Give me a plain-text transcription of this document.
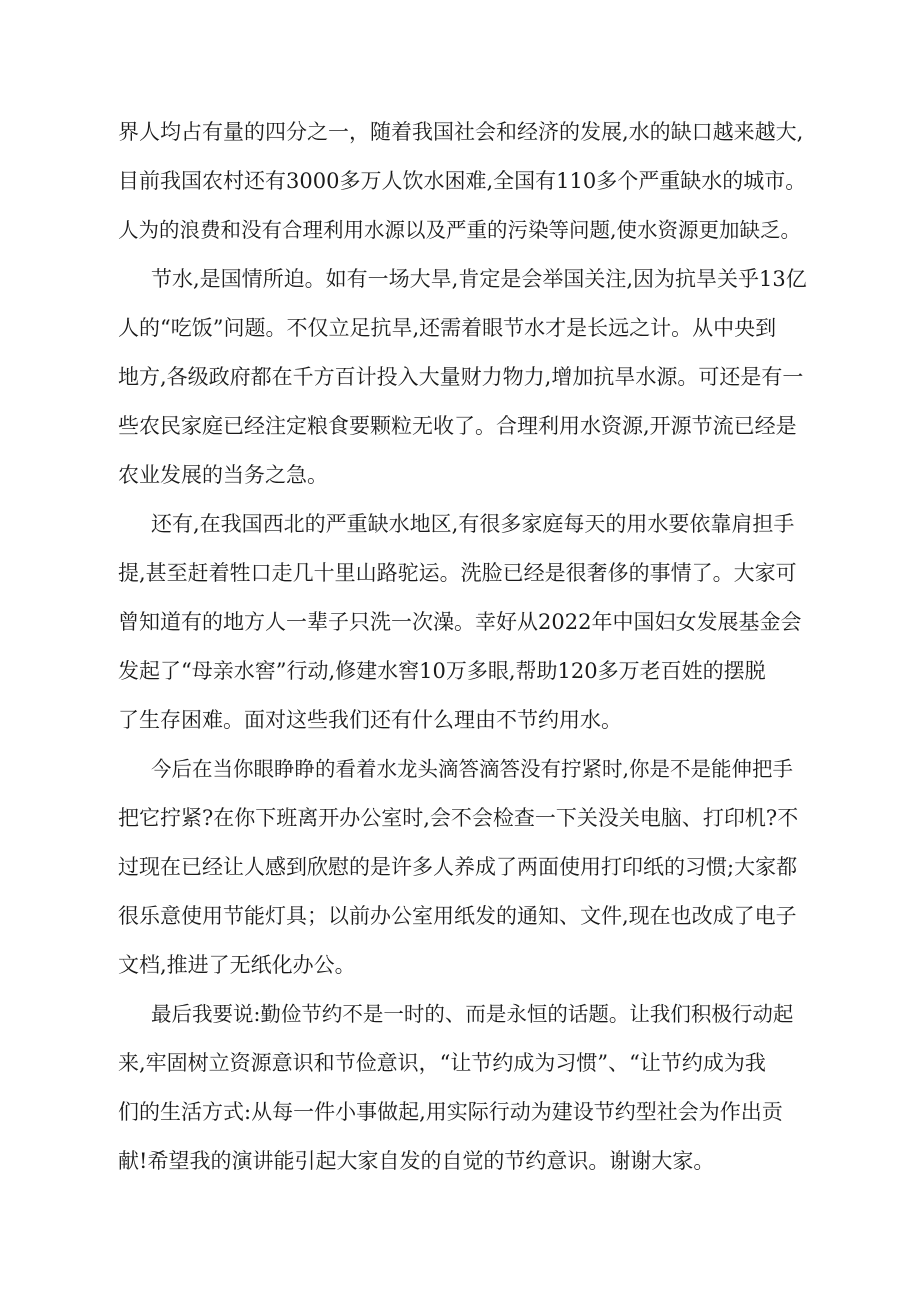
界人均占有量的四分之一，随着我国社会和经济的发展,水的缺口越来越大,
目前我国农村还有3000多万人饮水困难,全国有110多个严重缺水的城市。
人为的浪费和没有合理利用水源以及严重的污染等问题,使水资源更加缺乏。
节水,是国情所迫。如有一场大旱,肯定是会举国关注,因为抗旱关乎13亿
人的“吃饭”问题。不仅立足抗旱,还需着眼节水才是长远之计。从中央到
地方,各级政府都在千方百计投入大量财力物力,增加抗旱水源。可还是有一
些农民家庭已经注定粮食要颗粒无收了。合理利用水资源,开源节流已经是
农业发展的当务之急。
还有,在我国西北的严重缺水地区,有很多家庭每天的用水要依靠肩担手
提,甚至赶着牲口走几十里山路驼运。洗脸已经是很奢侈的事情了。大家可
曾知道有的地方人一辈子只洗一次澡。幸好从2022年中国妇女发展基金会
发起了“母亲水窖”行动,修建水窖10万多眼,帮助120多万老百姓的摆脱
了生存困难。面对这些我们还有什么理由不节约用水。
今后在当你眼睁睁的看着水龙头滴答滴答没有拧紧时,你是不是能伸把手
把它拧紧?在你下班离开办公室时,会不会检查一下关没关电脑、打印机?不
过现在已经让人感到欣慰的是许多人养成了两面使用打印纸的习惯;大家都
很乐意使用节能灯具；以前办公室用纸发的通知、文件,现在也改成了电子
文档,推进了无纸化办公。
最后我要说:勤俭节约不是一时的、而是永恒的话题。让我们积极行动起
来,牢固树立资源意识和节俭意识，“让节约成为习惯”、“让节约成为我
们的生活方式:从每一件小事做起,用实际行动为建设节约型社会为作出贡
献!希望我的演讲能引起大家自发的自觉的节约意识。谢谢大家。
